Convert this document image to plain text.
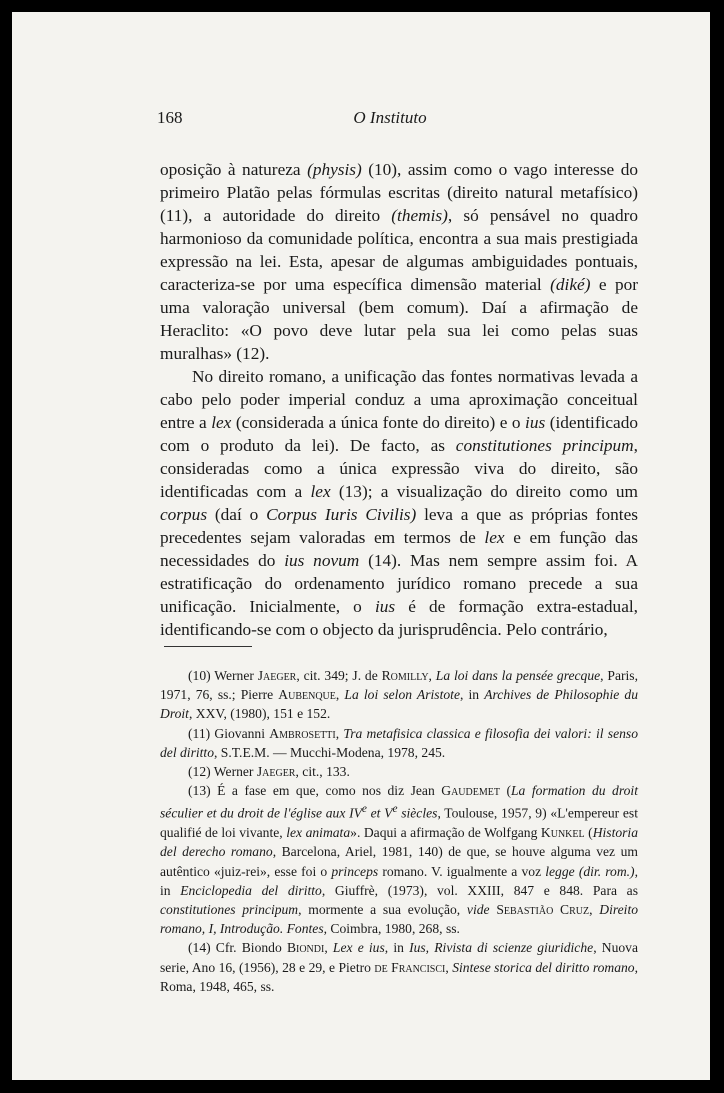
168	O Instituto

oposição à natureza (physis) (10), assim como o vago interesse do primeiro Platão pelas fórmulas escritas (direito natural metafísico) (11), a autoridade do direito (themis), só pensável no quadro harmonioso da comunidade política, encontra a sua mais prestigiada expressão na lei. Esta, apesar de algumas ambiguidades pontuais, caracteriza-se por uma específica dimensão material (diké) e por uma valoração universal (bem comum). Daí a afirmação de Heraclito: «O povo deve lutar pela sua lei como pelas suas muralhas» (12).

No direito romano, a unificação das fontes normativas levada a cabo pelo poder imperial conduz a uma aproximação conceitual entre a lex (considerada a única fonte do direito) e o ius (identificado com o produto da lei). De facto, as constitutiones principum, consideradas como a única expressão viva do direito, são identificadas com a lex (13); a visualização do direito como um corpus (daí o Corpus Iuris Civilis) leva a que as próprias fontes precedentes sejam valoradas em termos de lex e em função das necessidades do ius novum (14). Mas nem sempre assim foi. A estratificação do ordenamento jurídico romano precede a sua unificação. Inicialmente, o ius é de formação extra-estadual, identificando-se com o objecto da jurisprudência. Pelo contrário,

(10) Werner Jaeger, cit. 349; J. de Romilly, La loi dans la pensée grecque, Paris, 1971, 76, ss.; Pierre Aubenque, La loi selon Aristote, in Archives de Philosophie du Droit, XXV, (1980), 151 e 152.

(11) Giovanni Ambrosetti, Tra metafisica classica e filosofia dei valori: il senso del diritto, S.T.E.M. — Mucchi-Modena, 1978, 245.

(12) Werner Jaeger, cit., 133.

(13) É a fase em que, como nos diz Jean Gaudemet (La formation du droit séculier et du droit de l'église aux IVe et Ve siècles, Toulouse, 1957, 9) «L'empereur est qualifié de loi vivante, lex animata». Daqui a afirmação de Wolfgang Kunkel (Historia del derecho romano, Barcelona, Ariel, 1981, 140) de que, se houve alguma vez um autêntico «juiz-rei», esse foi o princeps romano. V. igualmente a voz legge (dir. rom.), in Enciclopedia del diritto, Giuffrè, (1973), vol. XXIII, 847 e 848. Para as constitutiones principum, mormente a sua evolução, vide Sebastião Cruz, Direito romano, I, Introdução. Fontes, Coimbra, 1980, 268, ss.

(14) Cfr. Biondo Biondi, Lex e ius, in Ius, Rivista di scienze giuridiche, Nuova serie, Ano 16, (1956), 28 e 29, e Pietro de Francisci, Sintese storica del diritto romano, Roma, 1948, 465, ss.
